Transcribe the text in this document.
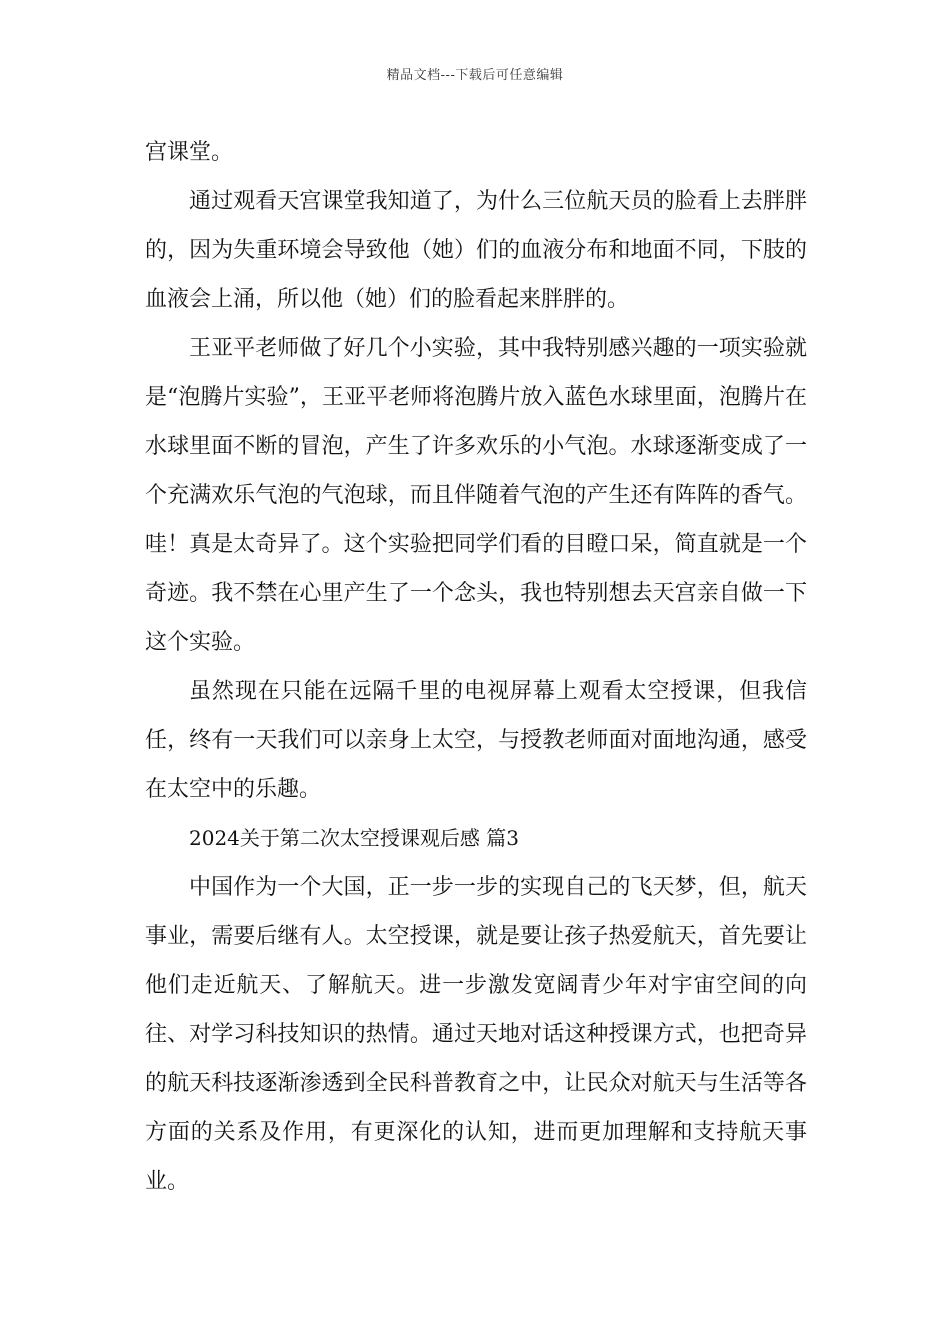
精品文档---下载后可任意编辑

宫课堂。

通过观看天宫课堂我知道了，为什么三位航天员的脸看上去胖胖的，因为失重环境会导致他（她）们的血液分布和地面不同，下肢的血液会上涌，所以他（她）们的脸看起来胖胖的。

王亚平老师做了好几个小实验，其中我特别感兴趣的一项实验就是“泡腾片实验”，王亚平老师将泡腾片放入蓝色水球里面，泡腾片在水球里面不断的冒泡，产生了许多欢乐的小气泡。水球逐渐变成了一个充满欢乐气泡的气泡球，而且伴随着气泡的产生还有阵阵的香气。哇！真是太奇异了。这个实验把同学们看的目瞪口呆，简直就是一个奇迹。我不禁在心里产生了一个念头，我也特别想去天宫亲自做一下这个实验。

虽然现在只能在远隔千里的电视屏幕上观看太空授课，但我信任，终有一天我们可以亲身上太空，与授教老师面对面地沟通，感受在太空中的乐趣。

2024关于第二次太空授课观后感 篇3

中国作为一个大国，正一步一步的实现自己的飞天梦，但，航天事业，需要后继有人。太空授课，就是要让孩子热爱航天，首先要让他们走近航天、了解航天。进一步激发宽阔青少年对宇宙空间的向往、对学习科技知识的热情。通过天地对话这种授课方式，也把奇异的航天科技逐渐渗透到全民科普教育之中，让民众对航天与生活等各方面的关系及作用，有更深化的认知，进而更加理解和支持航天事业。
